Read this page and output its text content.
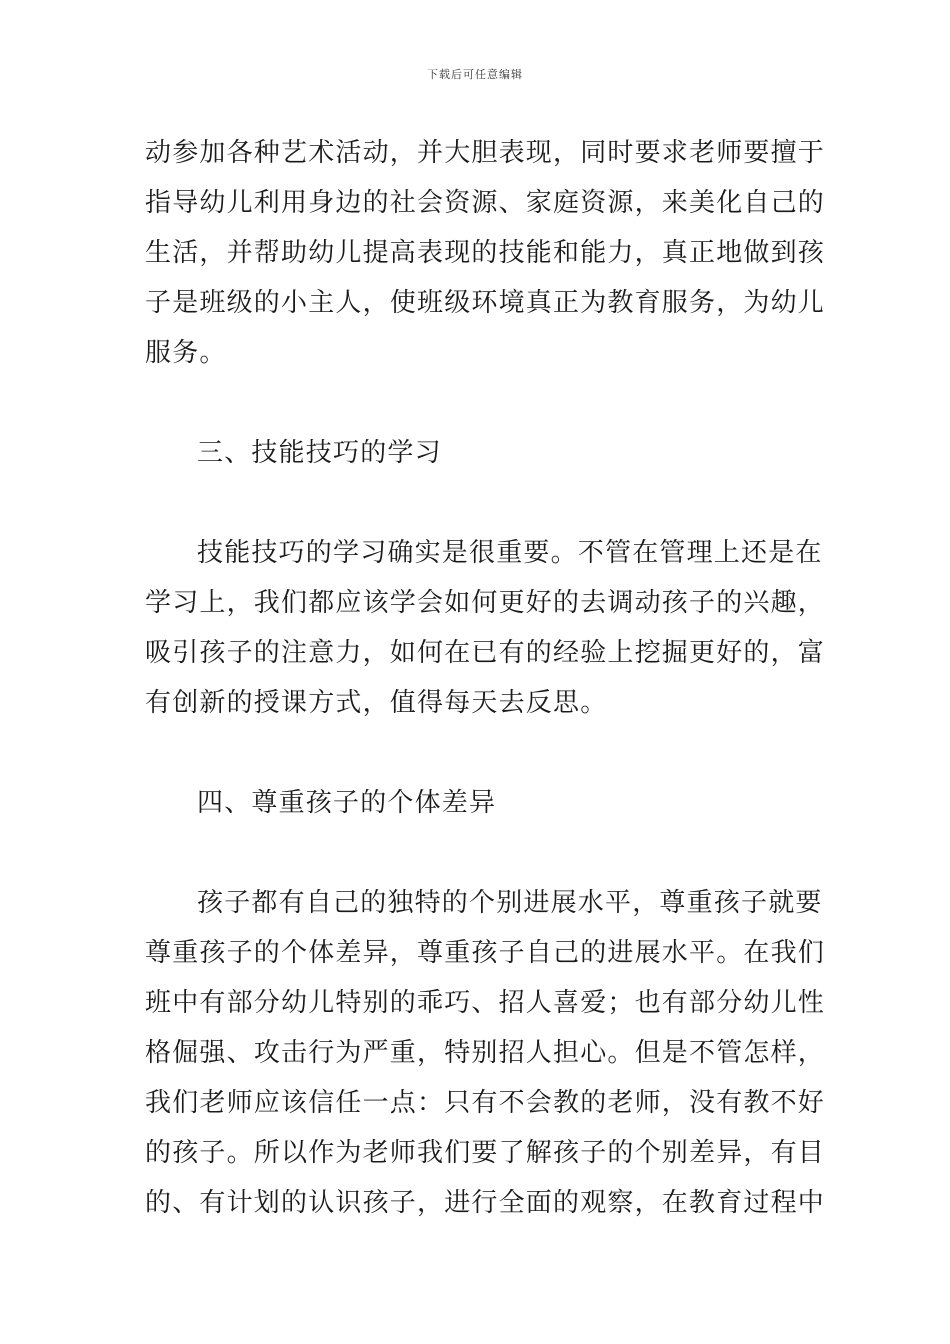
下载后可任意编辑
动参加各种艺术活动，并大胆表现，同时要求老师要擅于
指导幼儿利用身边的社会资源、家庭资源，来美化自己的
生活，并帮助幼儿提高表现的技能和能力，真正地做到孩
子是班级的小主人，使班级环境真正为教育服务，为幼儿
服务。
三、技能技巧的学习
技能技巧的学习确实是很重要。不管在管理上还是在
学习上，我们都应该学会如何更好的去调动孩子的兴趣，
吸引孩子的注意力，如何在已有的经验上挖掘更好的，富
有创新的授课方式，值得每天去反思。
四、尊重孩子的个体差异
孩子都有自己的独特的个别进展水平，尊重孩子就要
尊重孩子的个体差异，尊重孩子自己的进展水平。在我们
班中有部分幼儿特别的乖巧、招人喜爱；也有部分幼儿性
格倔强、攻击行为严重，特别招人担心。但是不管怎样，
我们老师应该信任一点：只有不会教的老师，没有教不好
的孩子。所以作为老师我们要了解孩子的个别差异，有目
的、有计划的认识孩子，进行全面的观察，在教育过程中
